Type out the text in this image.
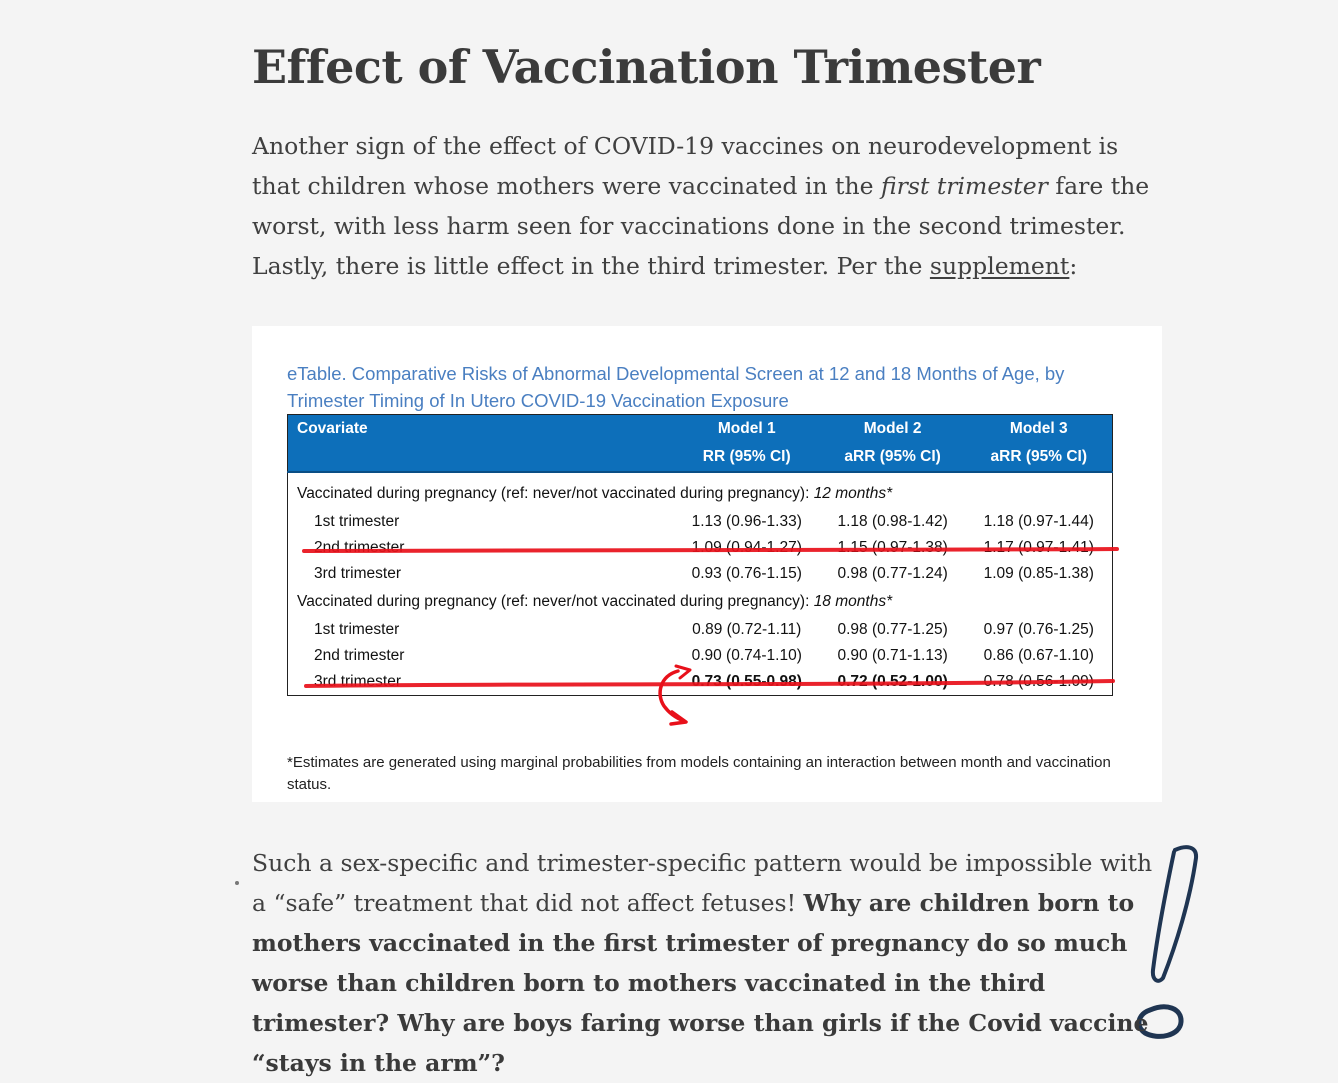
Effect of Vaccination Trimester

Another sign of the effect of COVID-19 vaccines on neurodevelopment is that children whose mothers were vaccinated in the first trimester fare the worst, with less harm seen for vaccinations done in the second trimester. Lastly, there is little effect in the third trimester. Per the supplement:

eTable. Comparative Risks of Abnormal Developmental Screen at 12 and 18 Months of Age, by Trimester Timing of In Utero COVID-19 Vaccination Exposure
Covariate	Model 1	Model 2	Model 3
	RR (95% CI)	aRR (95% CI)	aRR (95% CI)

Vaccinated during pregnancy (ref: never/not vaccinated during pregnancy): 12 months*			
1st trimester	1.13 (0.96-1.33)	1.18 (0.98-1.42)	1.18 (0.97-1.44)
2nd trimester	1.09 (0.94-1.27)	1.15 (0.97-1.38)	1.17 (0.97-1.41)
3rd trimester	0.93 (0.76-1.15)	0.98 (0.77-1.24)	1.09 (0.85-1.38)
Vaccinated during pregnancy (ref: never/not vaccinated during pregnancy): 18 months*			
1st trimester	0.89 (0.72-1.11)	0.98 (0.77-1.25)	0.97 (0.76-1.25)
2nd trimester	0.90 (0.74-1.10)	0.90 (0.71-1.13)	0.86 (0.67-1.10)
3rd trimester	0.73 (0.55-0.98)	0.72 (0.52-1.00)	0.78 (0.56-1.09)
*Estimates are generated using marginal probabilities from models containing an interaction between month and vaccination status.

Such a sex-specific and trimester-specific pattern would be impossible with a “safe” treatment that did not affect fetuses! Why are children born to mothers vaccinated in the first trimester of pregnancy do so much worse than children born to mothers vaccinated in the third trimester? Why are boys faring worse than girls if the Covid vaccine “stays in the arm”?
